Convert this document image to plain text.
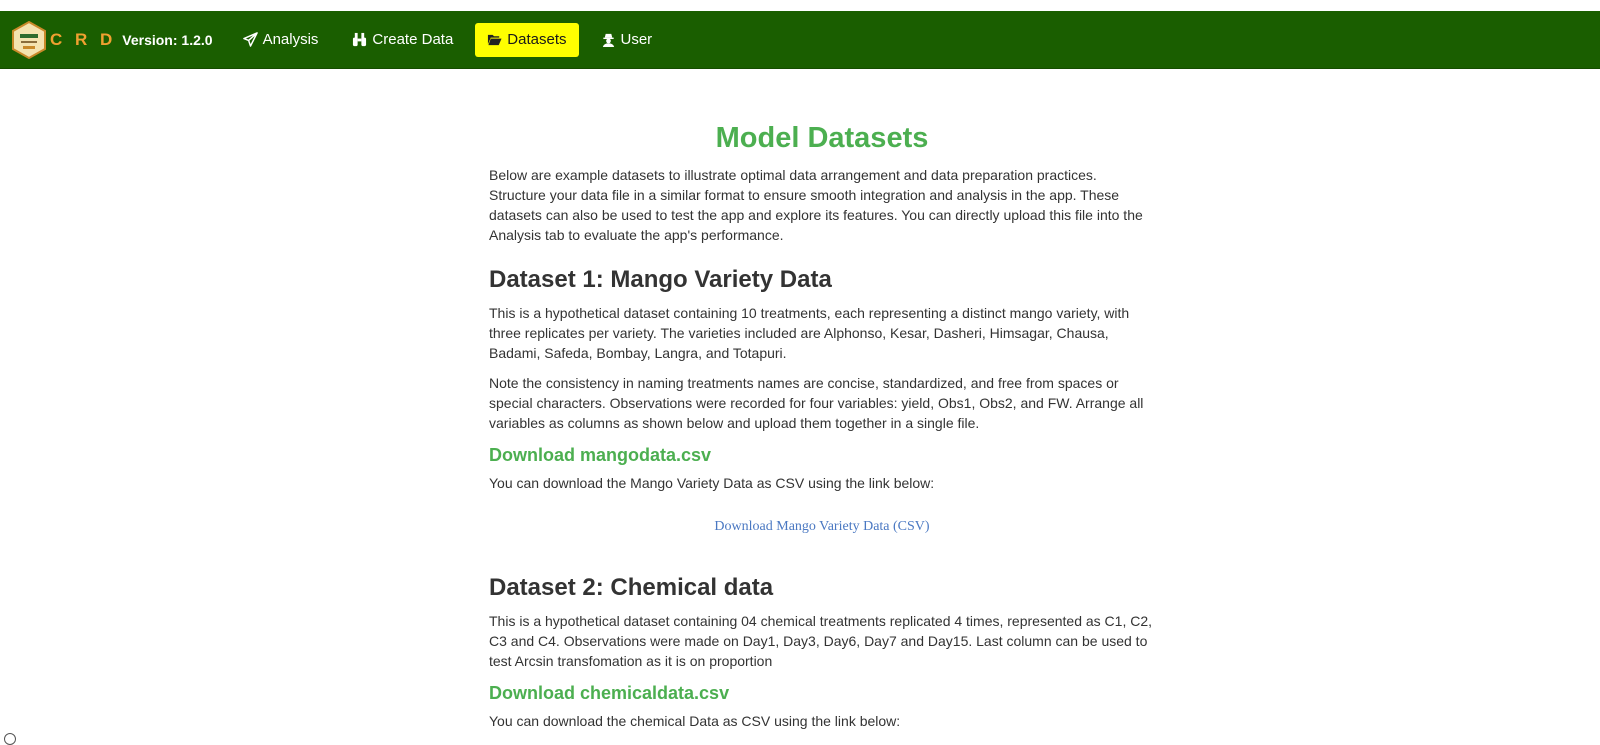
C R D Version: 1.2.0	Analysis	Create Data	Datasets	User
Model Datasets

Below are example datasets to illustrate optimal data arrangement and data preparation practices. Structure your data file in a similar format to ensure smooth integration and analysis in the app. These datasets can also be used to test the app and explore its features. You can directly upload this file into the Analysis tab to evaluate the app's performance.

Dataset 1: Mango Variety Data

This is a hypothetical dataset containing 10 treatments, each representing a distinct mango variety, with three replicates per variety. The varieties included are Alphonso, Kesar, Dasheri, Himsagar, Chausa, Badami, Safeda, Bombay, Langra, and Totapuri.

Note the consistency in naming treatments names are concise, standardized, and free from spaces or special characters. Observations were recorded for four variables: yield, Obs1, Obs2, and FW. Arrange all variables as columns as shown below and upload them together in a single file.

Download mangodata.csv

You can download the Mango Variety Data as CSV using the link below:

Download Mango Variety Data (CSV)
Dataset 2: Chemical data

This is a hypothetical dataset containing 04 chemical treatments replicated 4 times, represented as C1, C2, C3 and C4. Observations were made on Day1, Day3, Day6, Day7 and Day15. Last column can be used to test Arcsin transfomation as it is on proportion

Download chemicaldata.csv

You can download the chemical Data as CSV using the link below:
